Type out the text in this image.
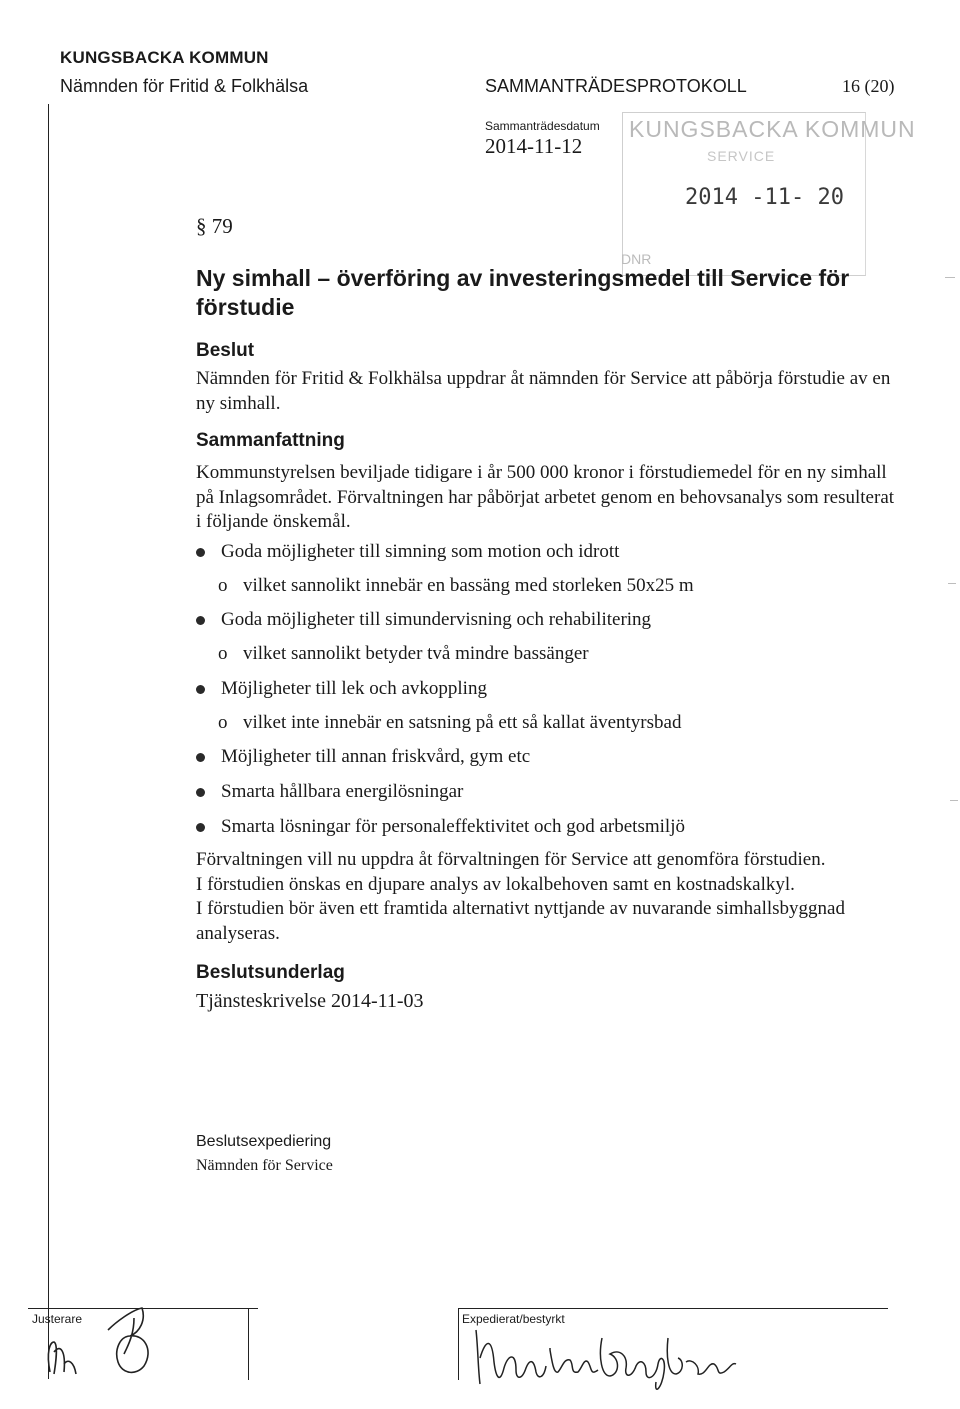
KUNGSBACKA KOMMUN
Nämnden för Fritid & Folkhälsa	SAMMANTRÄDESPROTOKOLL	16 (20)
Sammanträdesdatum
2014-11-12
KUNGSBACKA KOMMUN
SERVICE
2014 -11- 20
DNR
§ 79
Ny simhall – överföring av investeringsmedel till Service för
förstudie
Beslut
Nämnden för Fritid & Folkhälsa uppdrar åt nämnden för Service att påbörja förstudie av en ny simhall.
Sammanfattning
Kommunstyrelsen beviljade tidigare i år 500 000 kronor i förstudiemedel för en ny simhall på Inlagsområdet. Förvaltningen har påbörjat arbetet genom en behovsanalys som resulterat i följande önskemål.
Goda möjligheter till simning som motion och idrott
o vilket sannolikt innebär en bassäng med storleken 50x25 m
Goda möjligheter till simundervisning och rehabilitering
o vilket sannolikt betyder två mindre bassänger
Möjligheter till lek och avkoppling
o vilket inte innebär en satsning på ett så kallat äventyrsbad
Möjligheter till annan friskvård, gym etc
Smarta hållbara energilösningar
Smarta lösningar för personaleffektivitet och god arbetsmiljö
Förvaltningen vill nu uppdra åt förvaltningen för Service att genomföra förstudien.
I förstudien önskas en djupare analys av lokalbehoven samt en kostnadskalkyl.
I förstudien bör även ett framtida alternativt nyttjande av nuvarande simhallsbyggnad analyseras.
Beslutsunderlag
Tjänsteskrivelse 2014-11-03
Beslutsexpediering
Nämnden för Service
Justerare	Expedierat/bestyrkt
